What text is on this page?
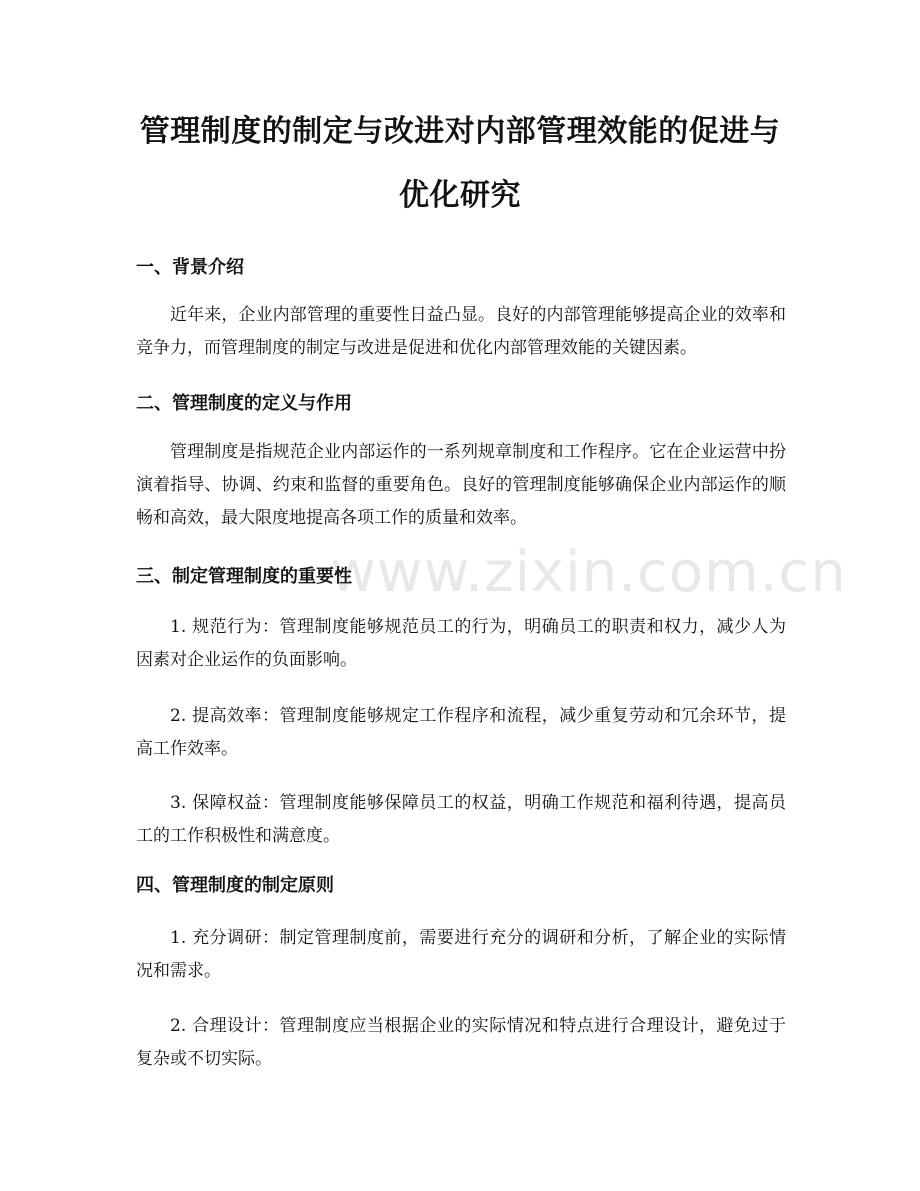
管理制度的制定与改进对内部管理效能的促进与优化研究
www.zixin.com.cn
一、背景介绍

近年来，企业内部管理的重要性日益凸显。良好的内部管理能够提高企业的效率和竞争力，而管理制度的制定与改进是促进和优化内部管理效能的关键因素。

二、管理制度的定义与作用

管理制度是指规范企业内部运作的一系列规章制度和工作程序。它在企业运营中扮演着指导、协调、约束和监督的重要角色。良好的管理制度能够确保企业内部运作的顺畅和高效，最大限度地提高各项工作的质量和效率。

三、制定管理制度的重要性

1. 规范行为：管理制度能够规范员工的行为，明确员工的职责和权力，减少人为因素对企业运作的负面影响。

2. 提高效率：管理制度能够规定工作程序和流程，减少重复劳动和冗余环节，提高工作效率。

3. 保障权益：管理制度能够保障员工的权益，明确工作规范和福利待遇，提高员工的工作积极性和满意度。

四、管理制度的制定原则

1. 充分调研：制定管理制度前，需要进行充分的调研和分析，了解企业的实际情况和需求。

2. 合理设计：管理制度应当根据企业的实际情况和特点进行合理设计，避免过于复杂或不切实际。
